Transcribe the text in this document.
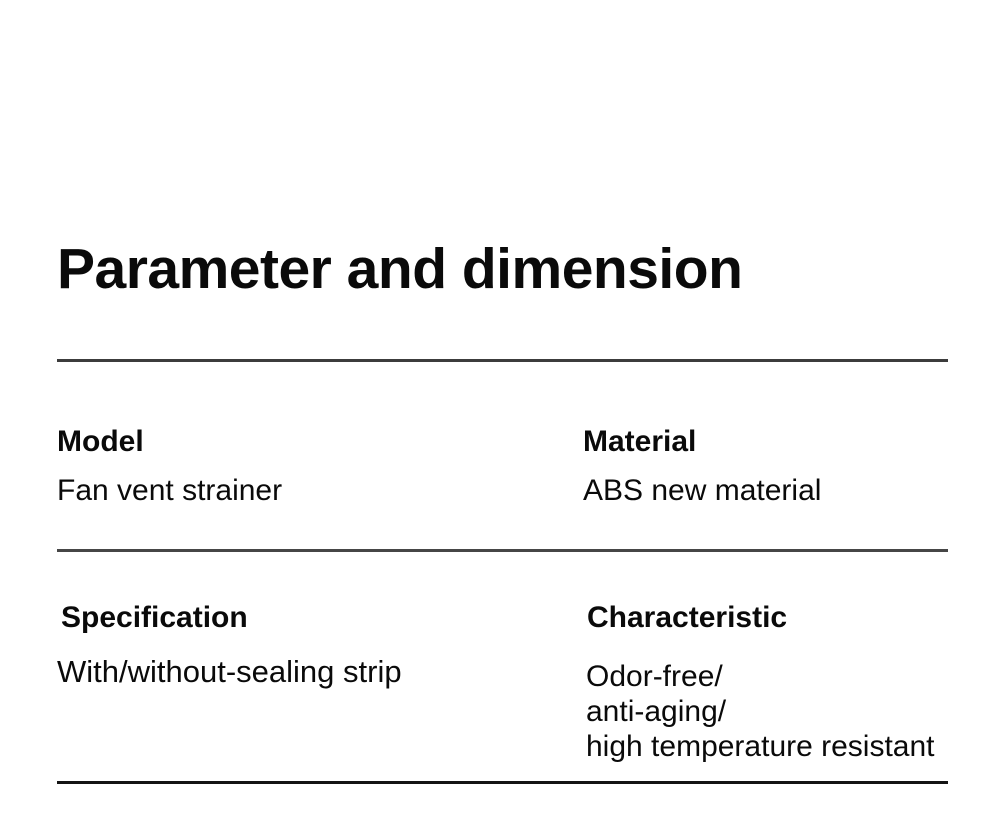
Parameter and dimension
Model
Fan vent strainer
Material
ABS new material
Specification
With/without-sealing strip
Characteristic
Odor-free/
anti-aging/
high temperature resistant
